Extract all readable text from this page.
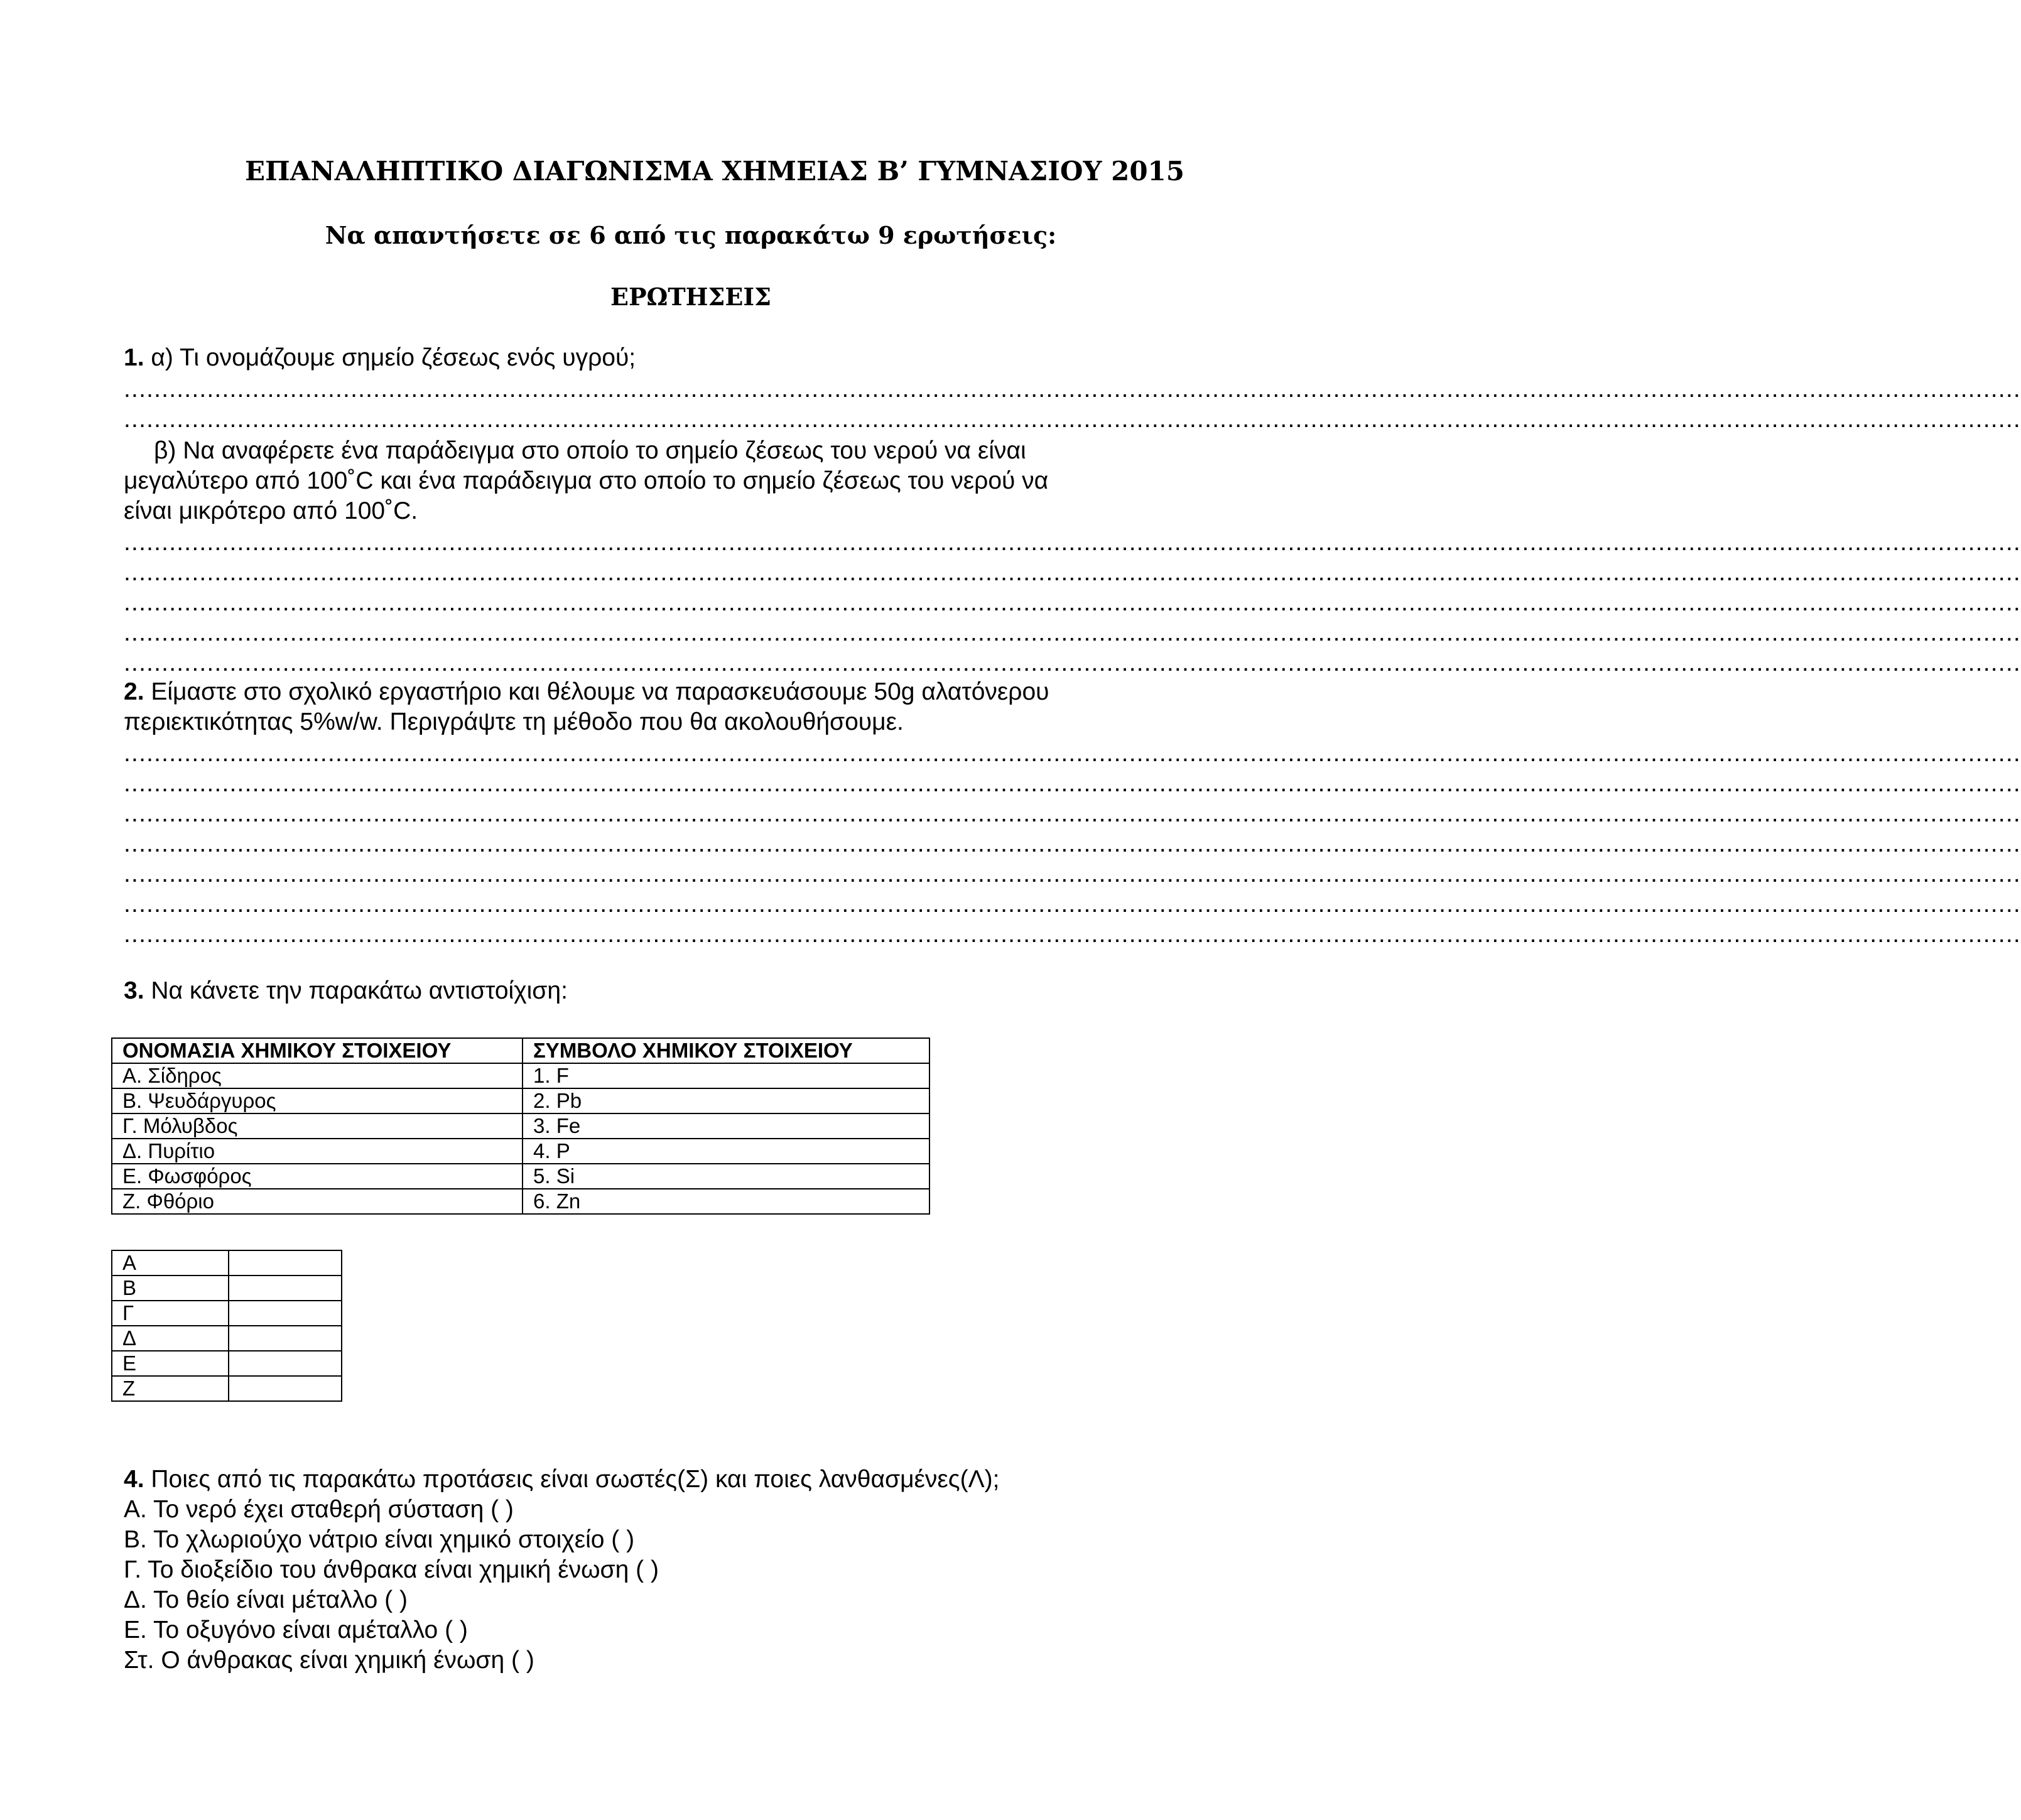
ΕΠΑΝΑΛΗΠΤΙΚΟ ΔΙΑΓΩΝΙΣΜΑ ΧΗΜΕΙΑΣ Β’ ΓΥΜΝΑΣΙΟΥ 2015
Να απαντήσετε σε 6 από τις παρακάτω 9 ερωτήσεις:
ΕΡΩΤΗΣΕΙΣ
1. α) Τι ονομάζουμε σημείο ζέσεως ενός υγρού;
...........................................................................................................................................................................................................................................................
...........................................................................................................................................................................................................................................................
β) Να αναφέρετε ένα παράδειγμα στο οποίο το σημείο ζέσεως του νερού να είναι
μεγαλύτερο από 100˚C και ένα παράδειγμα στο οποίο το σημείο ζέσεως του νερού να
είναι μικρότερο από 100˚C.
...........................................................................................................................................................................................................................................................
...........................................................................................................................................................................................................................................................
...........................................................................................................................................................................................................................................................
...........................................................................................................................................................................................................................................................
...........................................................................................................................................................................................................................................................
2. Είμαστε στο σχολικό εργαστήριο και θέλουμε να παρασκευάσουμε 50g αλατόνερου
περιεκτικότητας 5%w/w. Περιγράψτε τη μέθοδο που θα ακολουθήσουμε.
...........................................................................................................................................................................................................................................................
...........................................................................................................................................................................................................................................................
...........................................................................................................................................................................................................................................................
...........................................................................................................................................................................................................................................................
...........................................................................................................................................................................................................................................................
...........................................................................................................................................................................................................................................................
...........................................................................................................................................................................................................................................................
3. Να κάνετε την παρακάτω αντιστοίχιση:
ΟΝΟΜΑΣΙΑ ΧΗΜΙΚΟΥ ΣΤΟΙΧΕΙΟΥ	ΣΥΜΒΟΛΟ ΧΗΜΙΚΟΥ ΣΤΟΙΧΕΙΟΥ
Α. Σίδηρος	1. F
Β. Ψευδάργυρος	2. Pb
Γ. Μόλυβδος	3. Fe
Δ. Πυρίτιο	4. P
Ε. Φωσφόρος	5. Si
Ζ. Φθόριο	6. Zn
Α	
Β	
Γ	
Δ	
Ε	
Ζ	
4. Ποιες από τις παρακάτω προτάσεις είναι σωστές(Σ) και ποιες λανθασμένες(Λ);
Α. Το νερό έχει σταθερή σύσταση ( )
Β. Το χλωριούχο νάτριο είναι χημικό στοιχείο ( )
Γ. Το διοξείδιο του άνθρακα είναι χημική ένωση ( )
Δ. Το θείο είναι μέταλλο ( )
Ε. Το οξυγόνο είναι αμέταλλο ( )
Στ. Ο άνθρακας είναι χημική ένωση ( )
